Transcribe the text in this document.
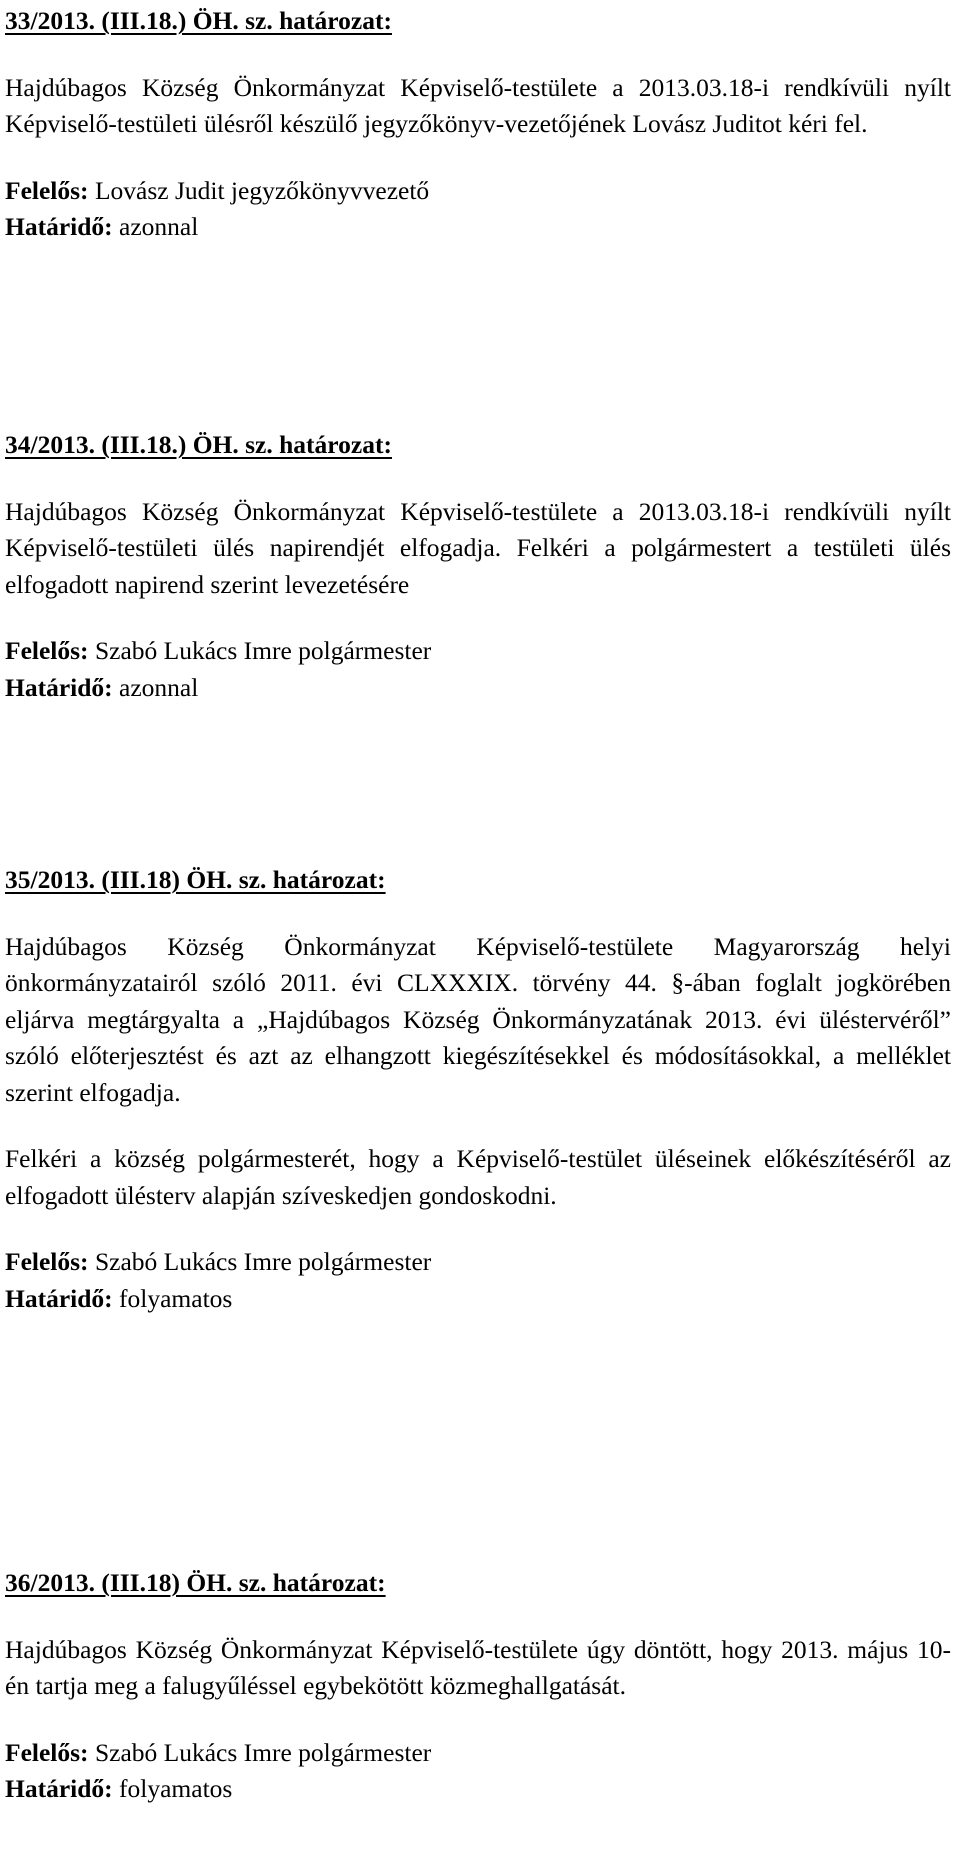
33/2013. (III.18.) ÖH. sz. határozat:

Hajdúbagos Község Önkormányzat Képviselő-testülete a 2013.03.18-i rendkívüli nyílt Képviselő-testületi ülésről készülő jegyzőkönyv-vezetőjének Lovász Juditot kéri fel.

Felelős: Lovász Judit jegyzőkönyvvezető

Határidő: azonnal

34/2013. (III.18.) ÖH. sz. határozat:

Hajdúbagos Község Önkormányzat Képviselő-testülete a 2013.03.18-i rendkívüli nyílt Képviselő-testületi ülés napirendjét elfogadja. Felkéri a polgármestert a testületi ülés elfogadott napirend szerint levezetésére

Felelős: Szabó Lukács Imre polgármester

Határidő: azonnal

35/2013. (III.18) ÖH. sz. határozat:

Hajdúbagos Község Önkormányzat Képviselő-testülete Magyarország helyi önkormányzatairól szóló 2011. évi CLXXXIX. törvény 44. §-ában foglalt jogkörében eljárva megtárgyalta a „Hajdúbagos Község Önkormányzatának 2013. évi üléstervéről” szóló előterjesztést és azt az elhangzott kiegészítésekkel és módosításokkal, a melléklet szerint elfogadja.

Felkéri a község polgármesterét, hogy a Képviselő-testület üléseinek előkészítéséről az elfogadott ülésterv alapján szíveskedjen gondoskodni.

Felelős: Szabó Lukács Imre polgármester

Határidő: folyamatos

36/2013. (III.18) ÖH. sz. határozat:

Hajdúbagos Község Önkormányzat Képviselő-testülete úgy döntött, hogy 2013. május 10-én tartja meg a falugyűléssel egybekötött közmeghallgatását.

Felelős: Szabó Lukács Imre polgármester

Határidő: folyamatos
